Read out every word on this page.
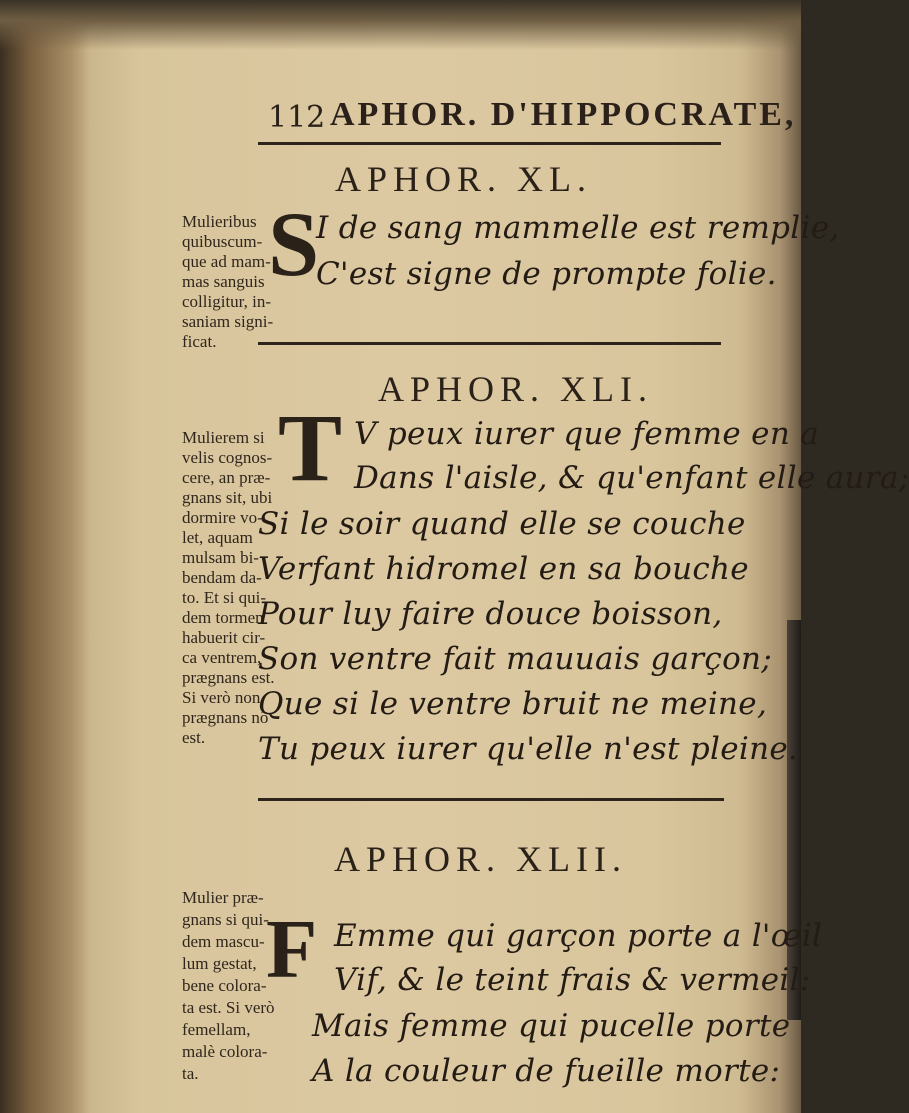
112 APHOR. D'HIPPOCRATE,
APHOR. XL.
Mulieribus
quibuscum-
que ad mam-
mas sanguis
colligitur, in-
saniam signi-
ficat.
S
I de sang mammelle est remplie,
C'est signe de prompte folie.
APHOR. XLI.
Mulierem si
velis cognos-
cere, an præ-
gnans sit, ubi
dormire vo-
let, aquam
mulsam bi-
bendam da-
to. Et si qui-
dem tormen
habuerit cir-
ca ventrem,
prægnans est.
Si verò non,
prægnans nõ
est.
T V peux iurer que femme en a
Dans l'aisle, & qu'enfant elle aura;
Si le soir quand elle se couche
Verfant hidromel en sa bouche
Pour luy faire douce boisson,
Son ventre fait mauuais garçon;
Que si le ventre bruit ne meine,
Tu peux iurer qu'elle n'est pleine.
APHOR. XLII.
Mulier præ-
gnans si qui-
dem mascu-
lum gestat,
bene colora-
ta est. Si verò
femellam,
malè colora-
ta.
F Emme qui garçon porte a l'œil
Vif, & le teint frais & vermeil:
Mais femme qui pucelle porte
A la couleur de fueille morte:
